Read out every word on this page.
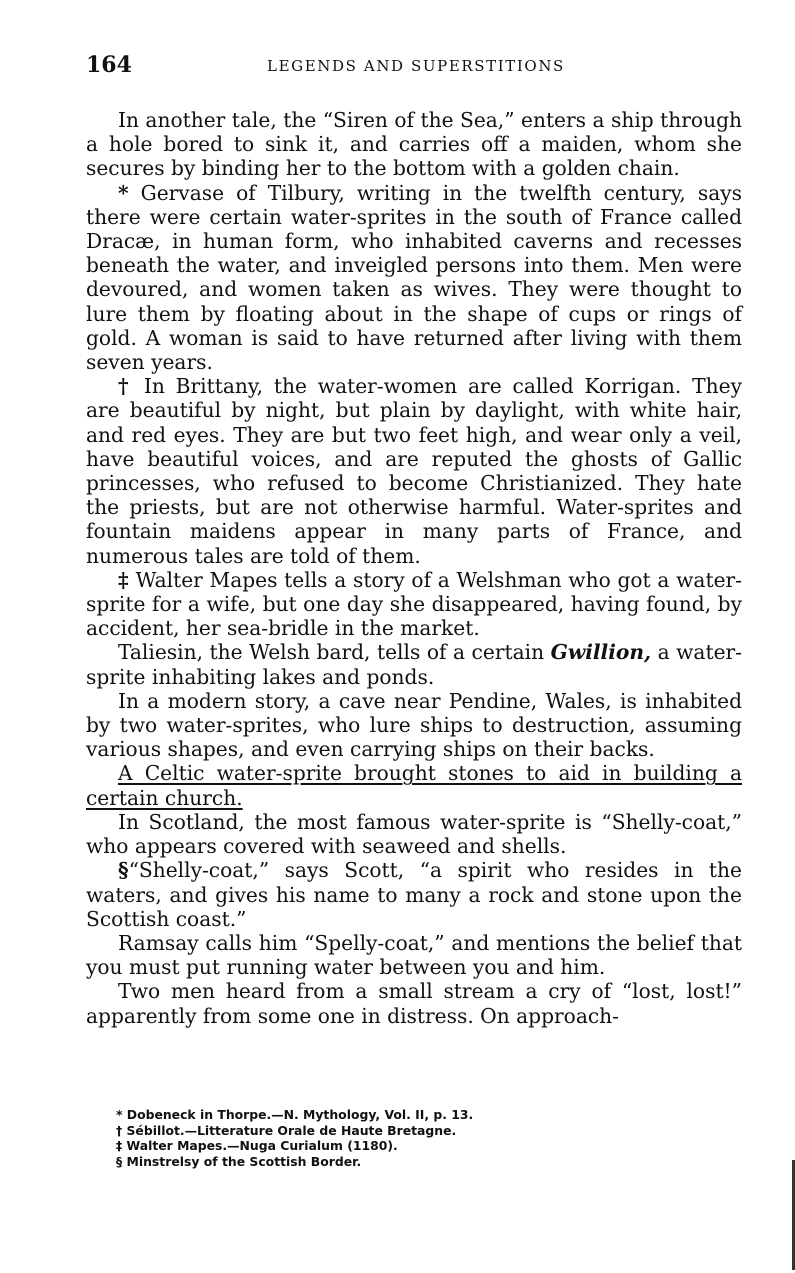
164	LEGENDS AND SUPERSTITIONS

In another tale, the “Siren of the Sea,” enters a ship through a hole bored to sink it, and carries off a maiden, whom she secures by binding her to the bottom with a golden chain.

* Gervase of Tilbury, writing in the twelfth century, says there were certain water-sprites in the south of France called Dracæ, in human form, who inhabited caverns and recesses beneath the water, and inveigled persons into them. Men were devoured, and women taken as wives. They were thought to lure them by floating about in the shape of cups or rings of gold. A woman is said to have returned after living with them seven years.

† In Brittany, the water-women are called Korrigan. They are beautiful by night, but plain by daylight, with white hair, and red eyes. They are but two feet high, and wear only a veil, have beautiful voices, and are reputed the ghosts of Gallic princesses, who refused to become Christianized. They hate the priests, but are not otherwise harmful. Water-sprites and fountain maidens appear in many parts of France, and numerous tales are told of them.

‡ Walter Mapes tells a story of a Welshman who got a water-sprite for a wife, but one day she disappeared, having found, by accident, her sea-bridle in the market.

Taliesin, the Welsh bard, tells of a certain Gwillion, a water-sprite inhabiting lakes and ponds.

In a modern story, a cave near Pendine, Wales, is inhabited by two water-sprites, who lure ships to destruction, assuming various shapes, and even carrying ships on their backs.

A Celtic water-sprite brought stones to aid in building a certain church.

In Scotland, the most famous water-sprite is “Shelly-coat,” who appears covered with seaweed and shells.

§“Shelly-coat,” says Scott, “a spirit who resides in the waters, and gives his name to many a rock and stone upon the Scottish coast.”

Ramsay calls him “Spelly-coat,” and mentions the belief that you must put running water between you and him.

Two men heard from a small stream a cry of “lost, lost!” apparently from some one in distress. On approach-

* Dobeneck in Thorpe.—N. Mythology, Vol. II, p. 13.

† Sébillot.—Litterature Orale de Haute Bretagne.

‡ Walter Mapes.—Nuga Curialum (1180).

§ Minstrelsy of the Scottish Border.
